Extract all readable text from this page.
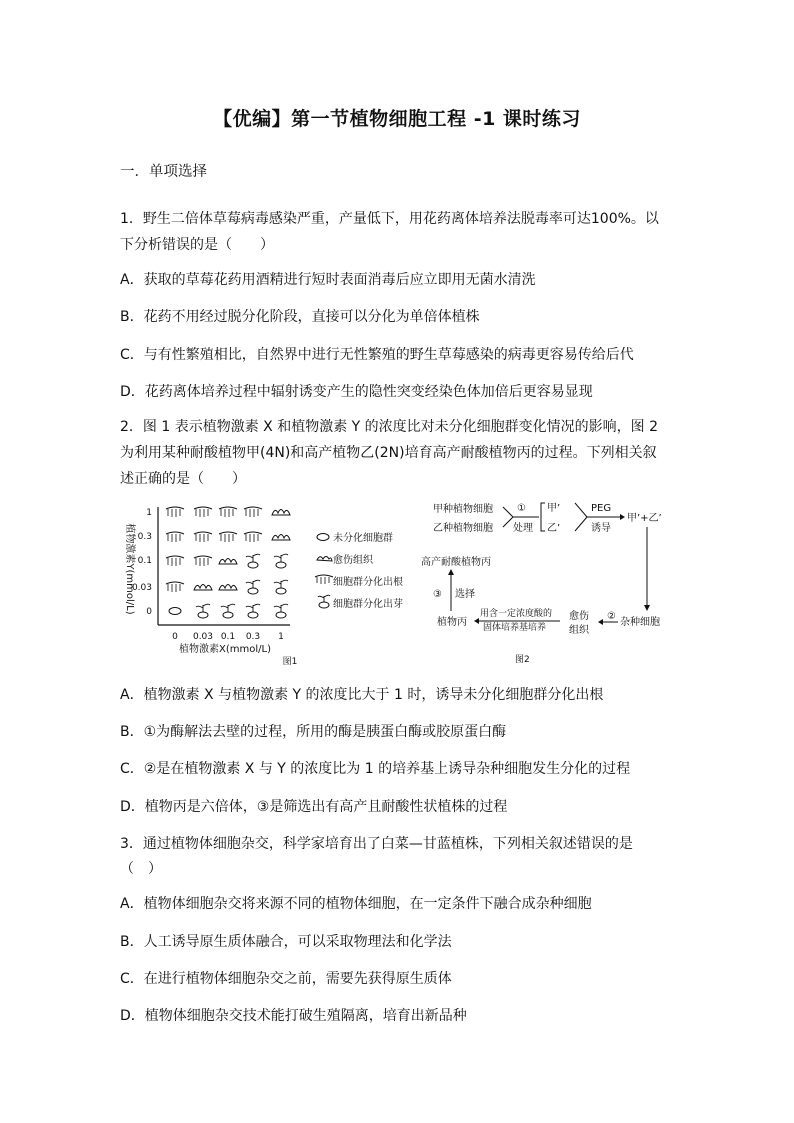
【优编】第一节植物细胞工程 -1 课时练习
一．单项选择
1．野生二倍体草莓病毒感染严重，产量低下，用花药离体培养法脱毒率可达100%。以
下分析错误的是（　　）
A．获取的草莓花药用酒精进行短时表面消毒后应立即用无菌水清洗
B．花药不用经过脱分化阶段，直接可以分化为单倍体植株
C．与有性繁殖相比，自然界中进行无性繁殖的野生草莓感染的病毒更容易传给后代
D．花药离体培养过程中辐射诱变产生的隐性突变经染色体加倍后更容易显现
2．图 1 表示植物激素 X 和植物激素 Y 的浓度比对未分化细胞群变化情况的影响，图 2
为利用某种耐酸植物甲(4N)和高产植物乙(2N)培育高产耐酸植物丙的过程。下列相关叙
述正确的是（　　）
植物激素Y(mmol/L)
1
0.3
0.1
0.03
0
0 0.03 0.1 0.3 1
植物激素X(mmol/L)
图1
未分化细胞群
愈伤组织
细胞群分化出根
细胞群分化出芽
甲种植物细胞
乙种植物细胞
①
处理
甲’
乙’
PEG
诱导
甲’+乙’
杂种细胞
②
愈伤
组织
用含一定浓度酸的
固体培养基培养
植物丙
③ 选择
高产耐酸植物丙
图2
A．植物激素 X 与植物激素 Y 的浓度比大于 1 时，诱导未分化细胞群分化出根
B．①为酶解法去壁的过程，所用的酶是胰蛋白酶或胶原蛋白酶
C．②是在植物激素 X 与 Y 的浓度比为 1 的培养基上诱导杂种细胞发生分化的过程
D．植物丙是六倍体，③是筛选出有高产且耐酸性状植株的过程
3．通过植物体细胞杂交，科学家培育出了白菜—甘蓝植株，下列相关叙述错误的是
（　）
A．植物体细胞杂交将来源不同的植物体细胞，在一定条件下融合成杂种细胞
B．人工诱导原生质体融合，可以采取物理法和化学法
C．在进行植物体细胞杂交之前，需要先获得原生质体
D．植物体细胞杂交技术能打破生殖隔离，培育出新品种
